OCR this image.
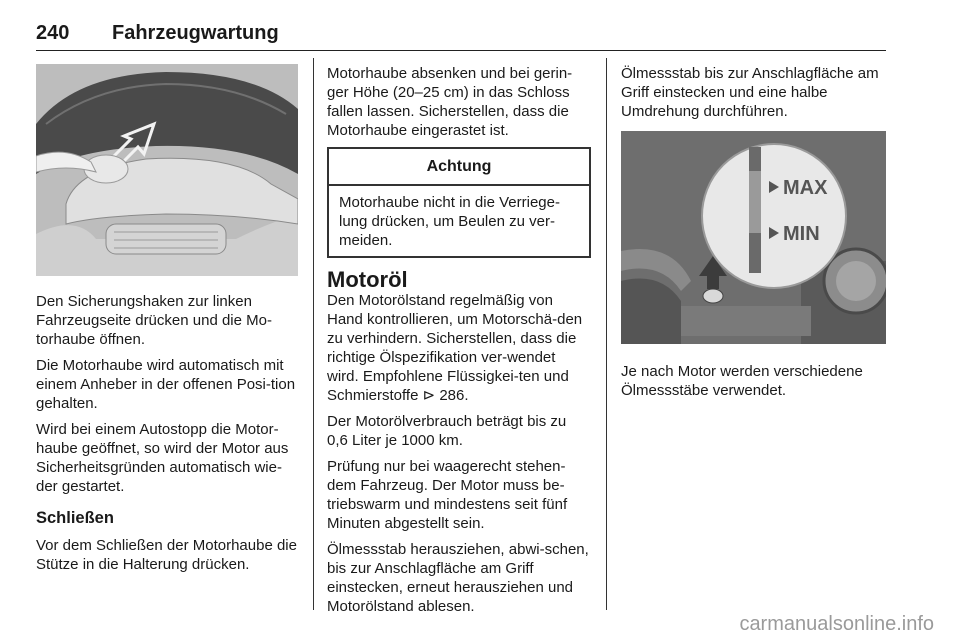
240 Fahrzeugwartung

Den Sicherungshaken zur linken Fahrzeugseite drücken und die Mo-torhaube öffnen.

Die Motorhaube wird automatisch mit einem Anheber in der offenen Posi-tion gehalten.

Wird bei einem Autostopp die Motor-haube geöffnet, so wird der Motor aus Sicherheitsgründen automatisch wie-der gestartet.

Schließen

Vor dem Schließen der Motorhaube die Stütze in die Halterung drücken.

Motorhaube absenken und bei gerin-ger Höhe (20–25 cm) in das Schloss fallen lassen. Sicherstellen, dass die Motorhaube eingerastet ist.

Achtung
Motorhaube nicht in die Verriege-lung drücken, um Beulen zu ver-meiden.
Motoröl

Den Motorölstand regelmäßig von Hand kontrollieren, um Motorschä-den zu verhindern. Sicherstellen, dass die richtige Ölspezifikation ver-wendet wird. Empfohlene Flüssigkei-ten und Schmierstoffe ⊳ 286.

Der Motorölverbrauch beträgt bis zu 0,6 Liter je 1000 km.

Prüfung nur bei waagerecht stehen-dem Fahrzeug. Der Motor muss be-triebswarm und mindestens seit fünf Minuten abgestellt sein.

Ölmessstab herausziehen, abwi-schen, bis zur Anschlagfläche am Griff einstecken, erneut herausziehen und Motorölstand ablesen.

Ölmessstab bis zur Anschlagfläche am Griff einstecken und eine halbe Umdrehung durchführen.

MAX
MIN

Je nach Motor werden verschiedene Ölmessstäbe verwendet.

carmanualsonline.info
